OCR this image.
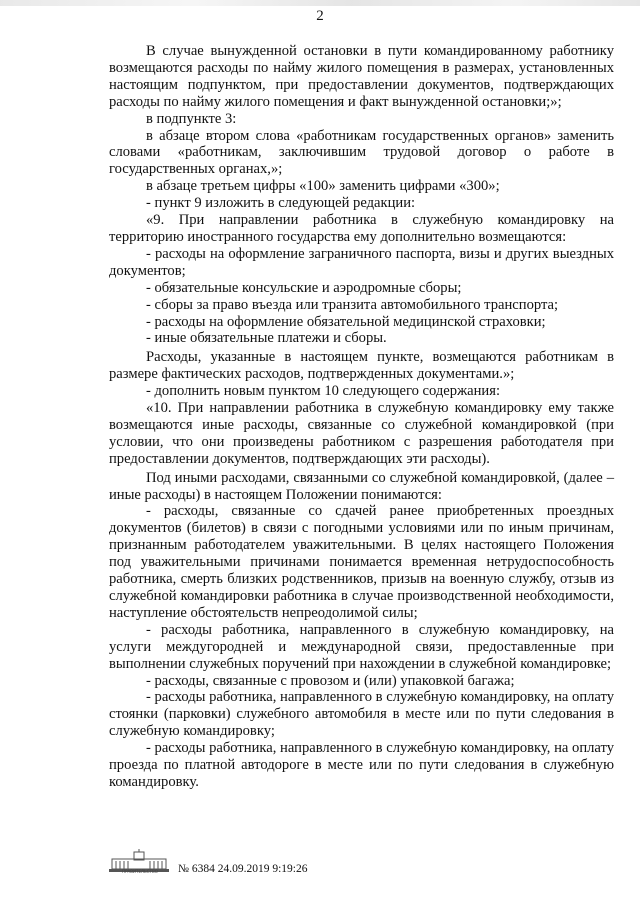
2

В случае вынужденной остановки в пути командированному работнику возмещаются расходы по найму жилого помещения в размерах, установленных настоящим подпунктом, при предоставлении документов, подтверждающих расходы по найму жилого помещения и факт вынужденной остановки;»;

в подпункте 3:

в абзаце втором слова «работникам государственных органов» заменить словами «работникам, заключившим трудовой договор о работе в государственных органах,»;

в абзаце третьем цифры «100» заменить цифрами «300»;

- пункт 9 изложить в следующей редакции:

«9. При направлении работника в служебную командировку на территорию иностранного государства ему дополнительно возмещаются:

- расходы на оформление заграничного паспорта, визы и других выездных документов;

- обязательные консульские и аэродромные сборы;

- сборы за право въезда или транзита автомобильного транспорта;

- расходы на оформление обязательной медицинской страховки;

- иные обязательные платежи и сборы.

Расходы, указанные в настоящем пункте, возмещаются работникам в размере фактических расходов, подтвержденных документами.»;

- дополнить новым пунктом 10 следующего содержания:

«10. При направлении работника в служебную командировку ему также возмещаются иные расходы, связанные со служебной командировкой (при условии, что они произведены работником с разрешения работодателя при предоставлении документов, подтверждающих эти расходы).

Под иными расходами, связанными со служебной командировкой, (далее – иные расходы) в настоящем Положении понимаются:

- расходы, связанные со сдачей ранее приобретенных проездных документов (билетов) в связи с погодными условиями или по иным причинам, признанным работодателем уважительными. В целях настоящего Положения под уважительными причинами понимается временная нетрудоспособность работника, смерть близких родственников, призыв на военную службу, отзыв из служебной командировки работника в случае производственной необходимости, наступление обстоятельств непреодолимой силы;

- расходы работника, направленного в служебную командировку, на услуги междугородней и международной связи, предоставленные при выполнении служебных поручений при нахождении в служебной командировке;

- расходы, связанные с провозом и (или) упаковкой багажа;

- расходы работника, направленного в служебную командировку, на оплату стоянки (парковки) служебного автомобиля в месте или по пути следования в служебную командировку;

- расходы работника, направленного в служебную командировку, на оплату проезда по платной автодороге в месте или по пути следования в служебную командировку.

ПРАВИТЕЛЬСТВО	№ 6384 24.09.2019 9:19:26
